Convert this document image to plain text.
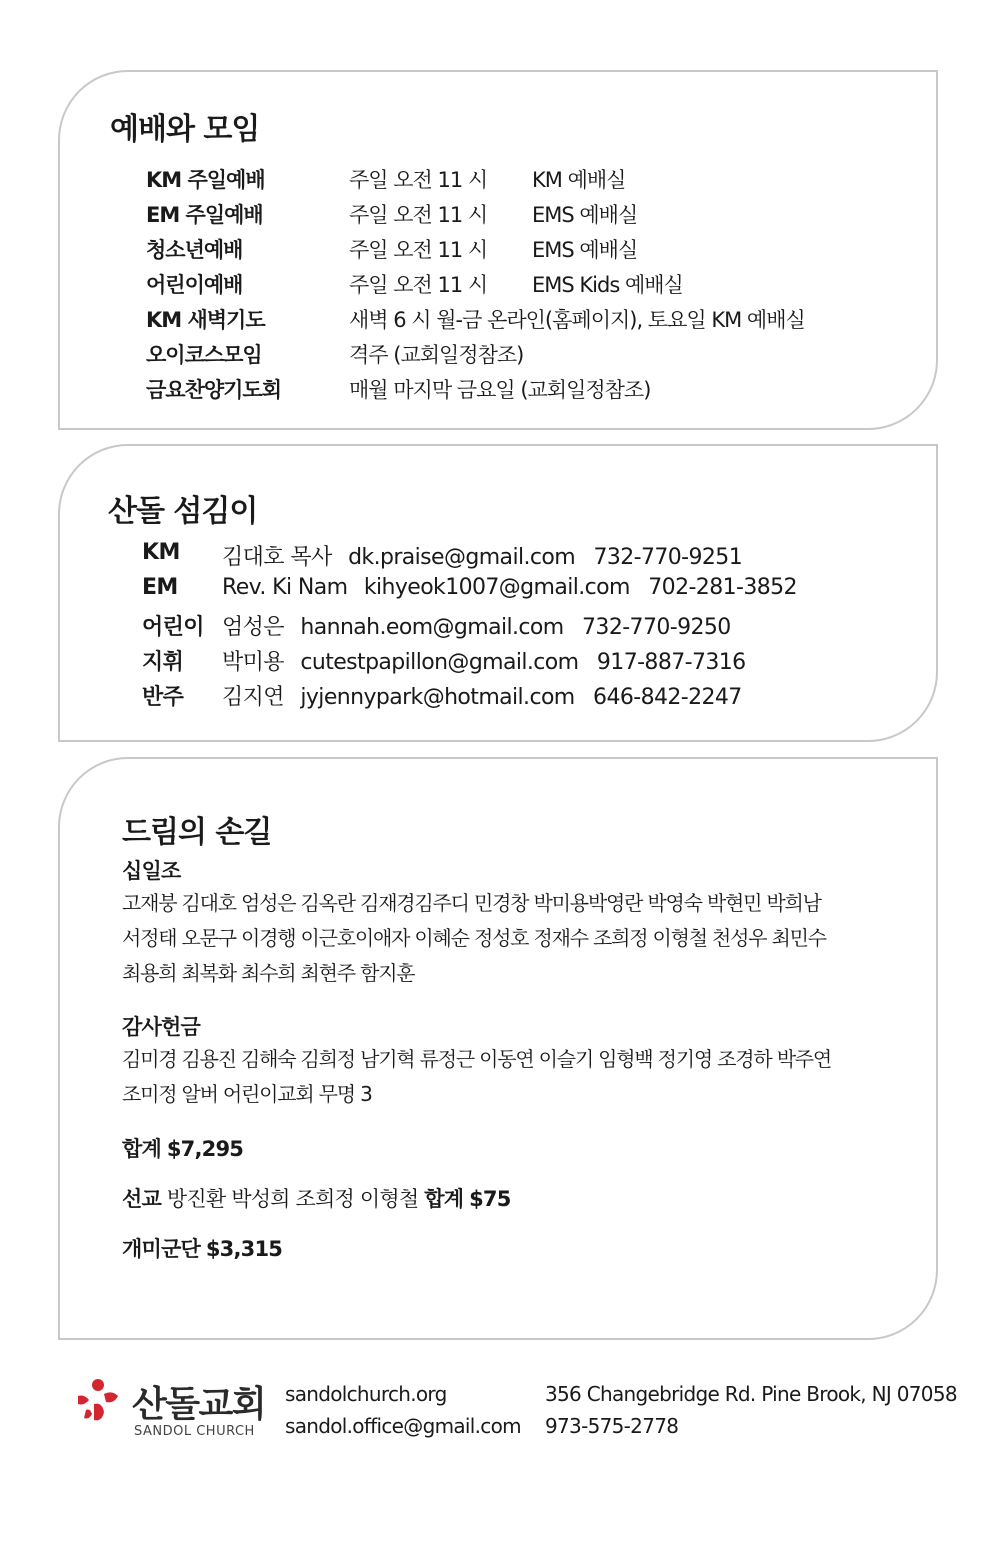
예배와 모임
KM 주일예배	주일 오전 11 시 KM 예배실
EM 주일예배	주일 오전 11 시 EMS 예배실
청소년예배	주일 오전 11 시 EMS 예배실
어린이예배	주일 오전 11 시 EMS Kids 예배실
KM 새벽기도	새벽 6 시 월-금 온라인(홈페이지), 토요일 KM 예배실
오이코스모임	격주 (교회일정참조)
금요찬양기도회	매월 마지막 금요일 (교회일정참조)
산돌 섬김이
KM 김대호 목사 dk.praise@gmail.com 732-770-9251
EM Rev. Ki Nam kihyeok1007@gmail.com 702-281-3852
어린이 엄성은 hannah.eom@gmail.com 732-770-9250
지휘 박미용 cutestpapillon@gmail.com 917-887-7316
반주 김지연 jyjennypark@hotmail.com 646-842-2247
드림의 손길
십일조
고재붕 김대호 엄성은 김옥란 김재경김주디 민경창 박미용박영란 박영숙 박현민 박희남
서정태 오문구 이경행 이근호이애자 이혜순 정성호 정재수 조희정 이형철 천성우 최민수
최용희 최복화 최수희 최현주 함지훈
감사헌금
김미경 김용진 김해숙 김희정 남기혁 류정근 이동연 이슬기 임형백 정기영 조경하 박주연
조미정 알버 어린이교회 무명 3
합계 $7,295
선교 방진환 박성희 조희정 이형철 합계 $75
개미군단 $3,315
산돌교회
SANDOL CHURCH
sandolchurch.org
sandol.office@gmail.com
356 Changebridge Rd. Pine Brook, NJ 07058
973-575-2778
